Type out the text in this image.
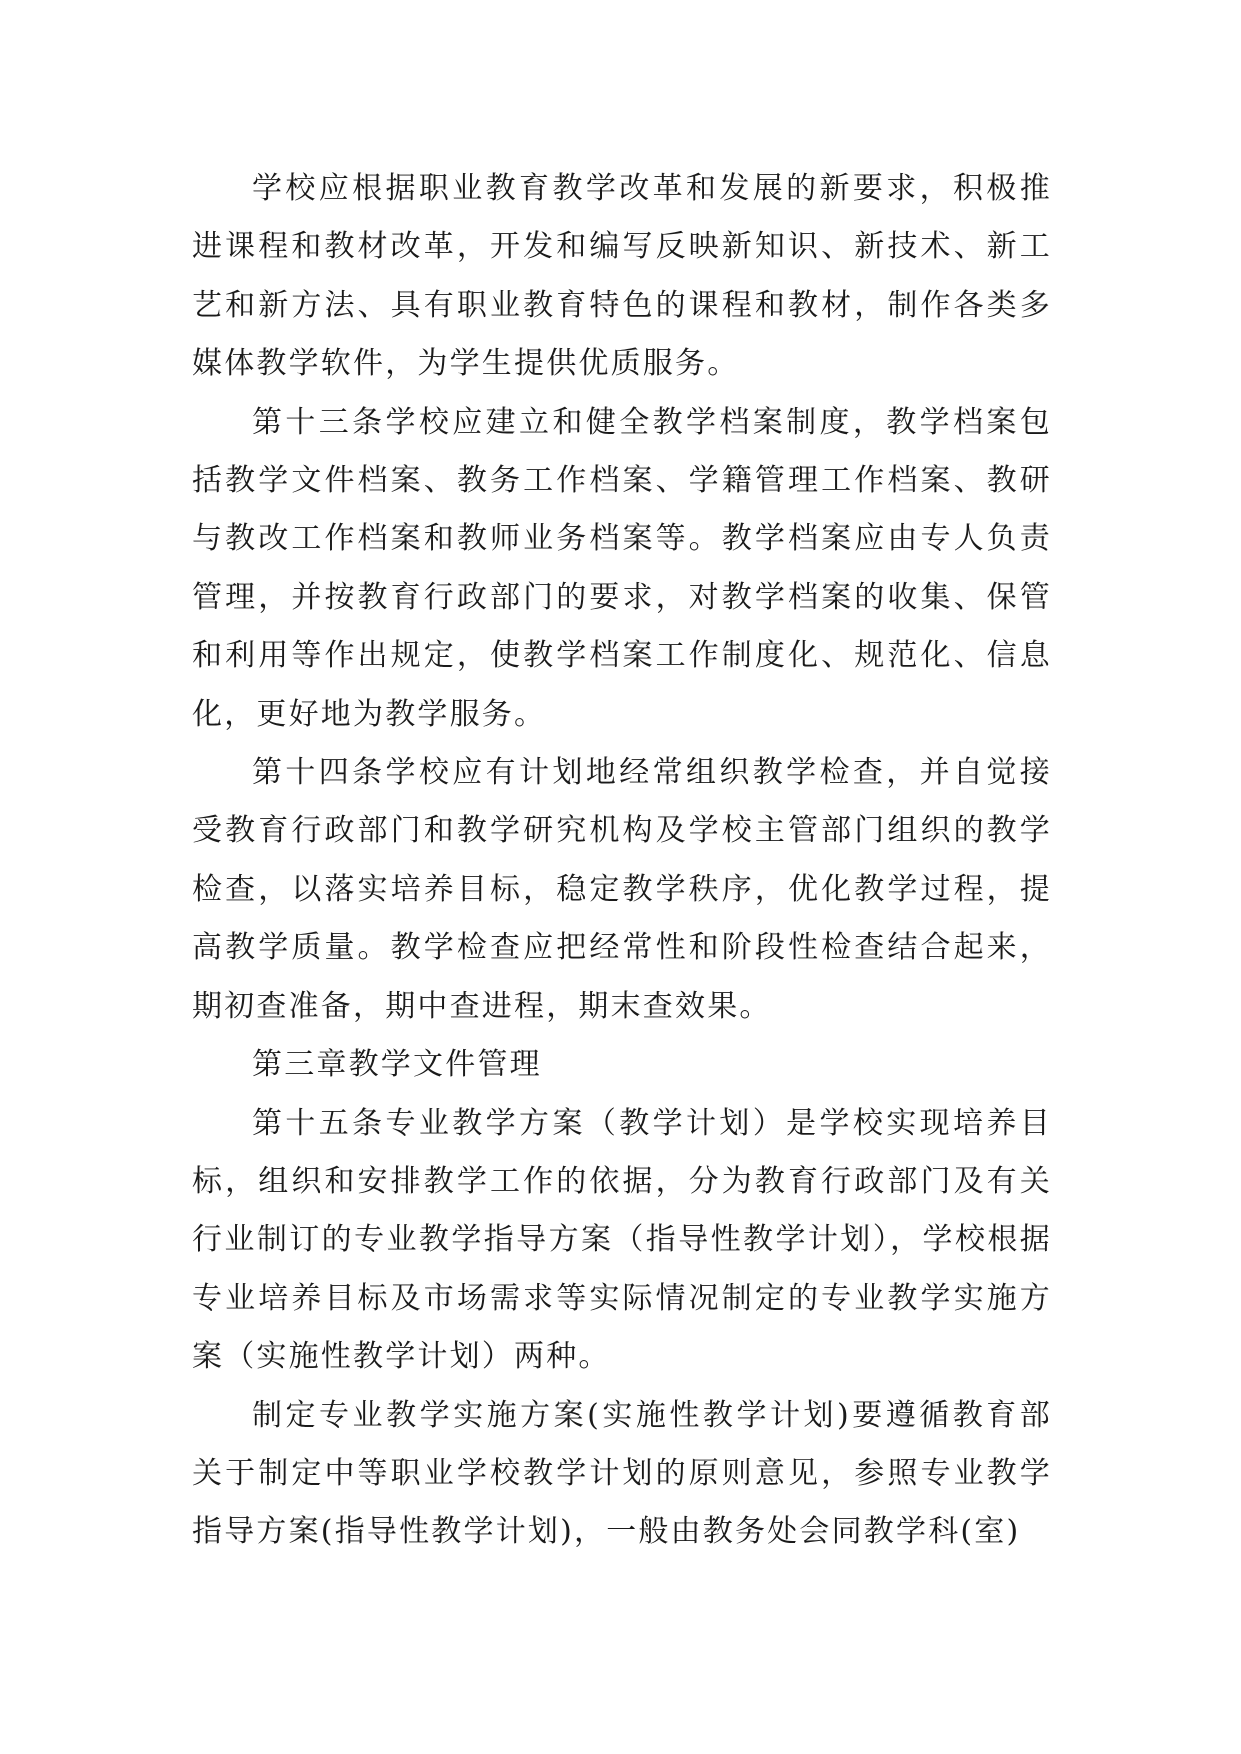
学校应根据职业教育教学改革和发展的新要求，积极推进课程和教材改革，开发和编写反映新知识、新技术、新工艺和新方法、具有职业教育特色的课程和教材，制作各类多媒体教学软件，为学生提供优质服务。

第十三条学校应建立和健全教学档案制度，教学档案包括教学文件档案、教务工作档案、学籍管理工作档案、教研与教改工作档案和教师业务档案等。教学档案应由专人负责管理，并按教育行政部门的要求，对教学档案的收集、保管和利用等作出规定，使教学档案工作制度化、规范化、信息化，更好地为教学服务。

第十四条学校应有计划地经常组织教学检查，并自觉接受教育行政部门和教学研究机构及学校主管部门组织的教学检查，以落实培养目标，稳定教学秩序，优化教学过程，提高教学质量。教学检查应把经常性和阶段性检查结合起来，期初查准备，期中查进程，期末查效果。

第三章教学文件管理

第十五条专业教学方案（教学计划）是学校实现培养目标，组织和安排教学工作的依据，分为教育行政部门及有关行业制订的专业教学指导方案（指导性教学计划），学校根据专业培养目标及市场需求等实际情况制定的专业教学实施方案（实施性教学计划）两种。

制定专业教学实施方案(实施性教学计划)要遵循教育部关于制定中等职业学校教学计划的原则意见，参照专业教学指导方案(指导性教学计划)，一般由教务处会同教学科(室)
